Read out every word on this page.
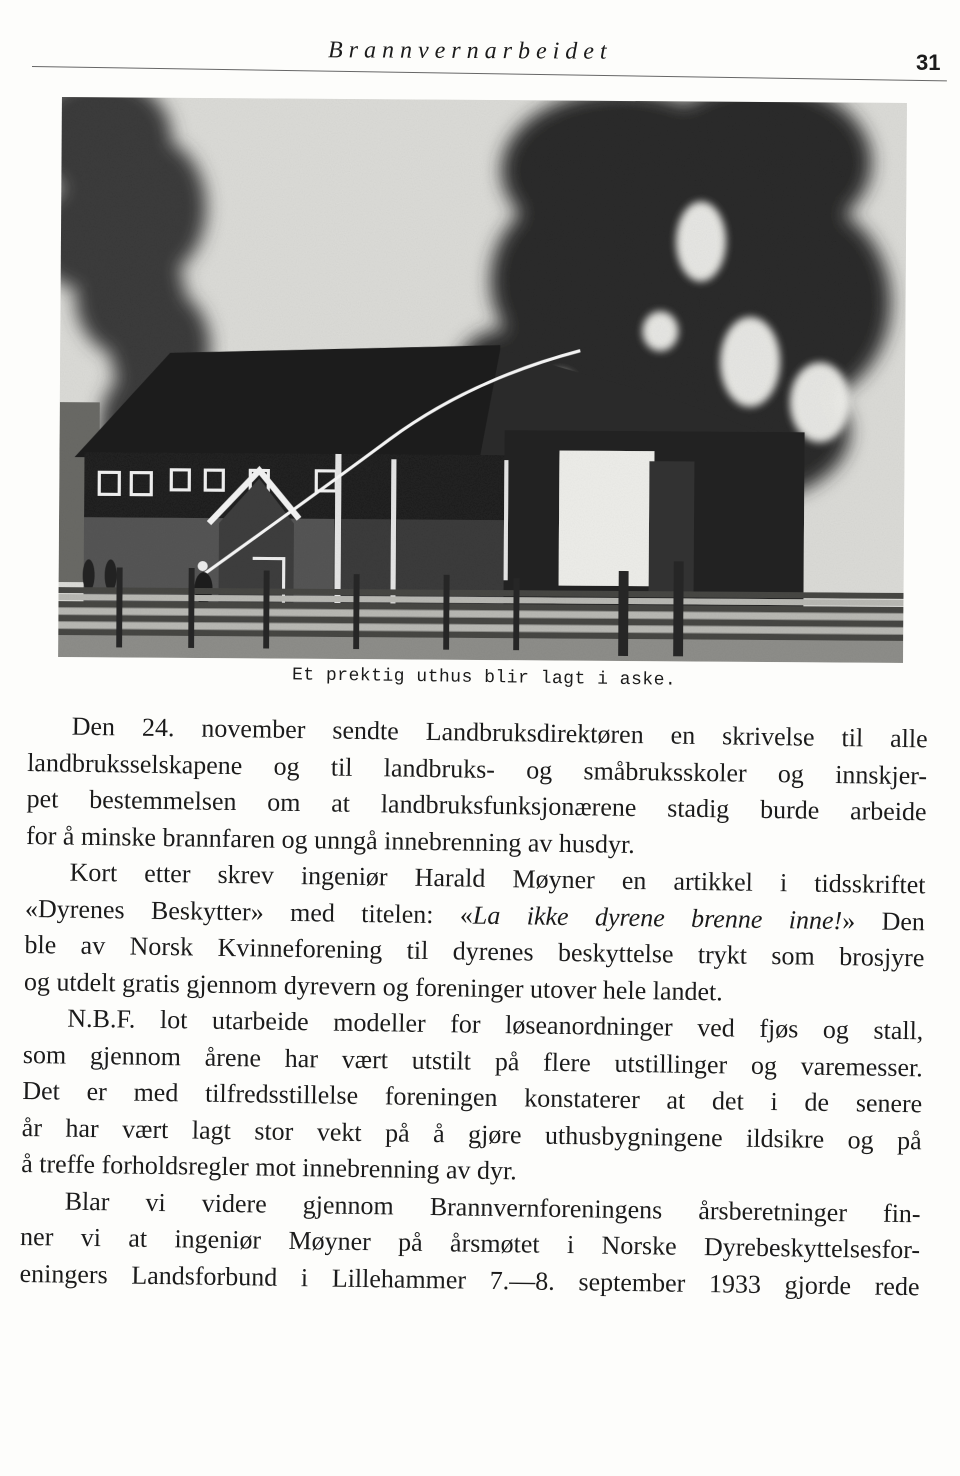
Brannvernarbeidet	31
Et prektig uthus blir lagt i aske.

Den 24. november sendte Landbruksdirektøren en skrivelse til alle
landbruksselskapene og til landbruks- og småbruksskoler og innskjer-
pet bestemmelsen om at landbruksfunksjonærene stadig burde arbeide
for å minske brannfaren og unngå innebrenning av husdyr.

Kort etter skrev ingeniør Harald Møyner en artikkel i tidsskriftet
«Dyrenes Beskytter» med titelen: «La ikke dyrene brenne inne!» Den
ble av Norsk Kvinneforening til dyrenes beskyttelse trykt som brosjyre
og utdelt gratis gjennom dyrevern og foreninger utover hele landet.

N.B.F. lot utarbeide modeller for løseanordninger ved fjøs og stall,
som gjennom årene har vært utstilt på flere utstillinger og varemesser.
Det er med tilfredsstillelse foreningen konstaterer at det i de senere
år har vært lagt stor vekt på å gjøre uthusbygningene ildsikre og på
å treffe forholdsregler mot innebrenning av dyr.

Blar vi videre gjennom Brannvernforeningens årsberetninger fin-
ner vi at ingeniør Møyner på årsmøtet i Norske Dyrebeskyttelsesfor-
eningers Landsforbund i Lillehammer 7.—8. september 1933 gjorde rede
